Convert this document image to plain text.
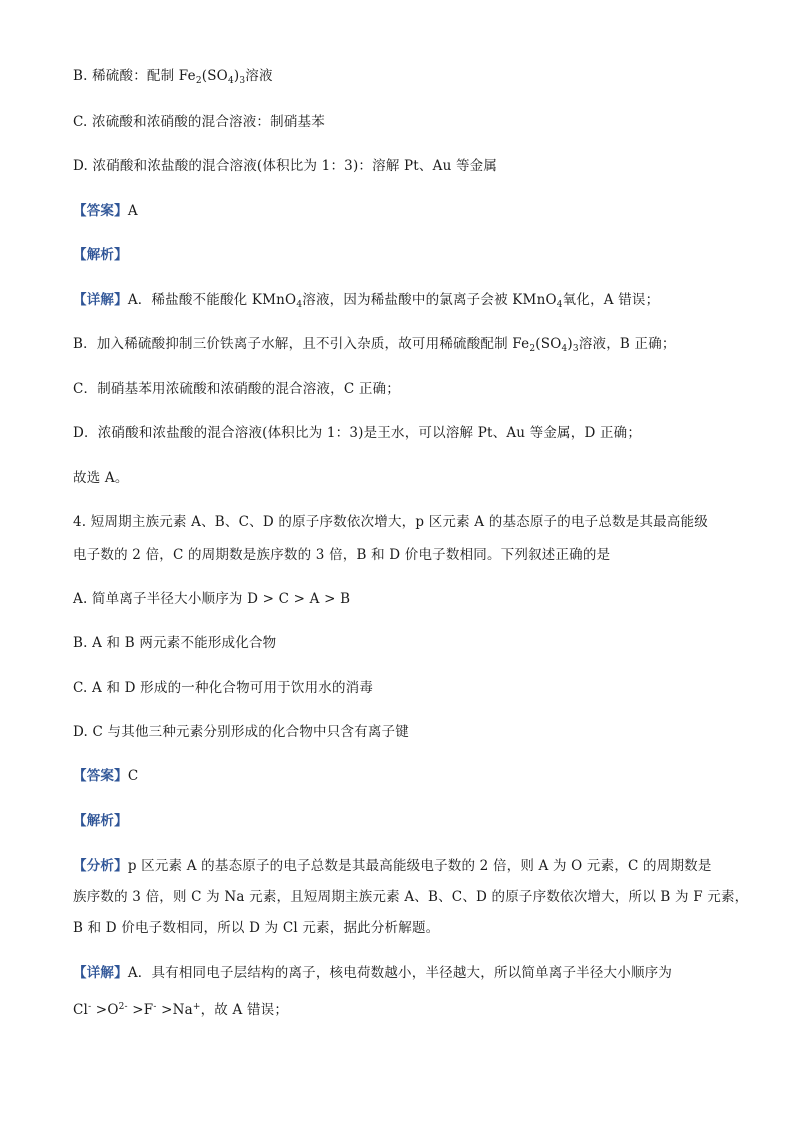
B. 稀硫酸：配制 $Fe_2(SO_4)_3$溶液
C. 浓硫酸和浓硝酸的混合溶液：制硝基苯
D. 浓硝酸和浓盐酸的混合溶液(体积比为 1：3)：溶解 Pt、Au 等金属
【答案】A
【解析】
【详解】A．稀盐酸不能酸化 KMnO$_4$溶液，因为稀盐酸中的氯离子会被 KMnO$_4$氧化，A 错误；
B．加入稀硫酸抑制三价铁离子水解，且不引入杂质，故可用稀硫酸配制 $Fe_2(SO_4)_3$溶液，B 正确；
C．制硝基苯用浓硫酸和浓硝酸的混合溶液，C 正确；
D．浓硝酸和浓盐酸的混合溶液(体积比为 1：3)是王水，可以溶解 Pt、Au 等金属，D 正确；
故选 A。
4. 短周期主族元素 A、B、C、D 的原子序数依次增大，p 区元素 A 的基态原子的电子总数是其最高能级
电子数的 2 倍，C 的周期数是族序数的 3 倍，B 和 D 价电子数相同。下列叙述正确的是
A. 简单离子半径大小顺序为 D > C > A > B
B. A 和 B 两元素不能形成化合物
C. A 和 D 形成的一种化合物可用于饮用水的消毒
D. C 与其他三种元素分别形成的化合物中只含有离子键
【答案】C
【解析】
【分析】p 区元素 A 的基态原子的电子总数是其最高能级电子数的 2 倍，则 A 为 O 元素，C 的周期数是
族序数的 3 倍，则 C 为 Na 元素，且短周期主族元素 A、B、C、D 的原子序数依次增大，所以 B 为 F 元素，
B 和 D 价电子数相同，所以 D 为 Cl 元素，据此分析解题。
【详解】A．具有相同电子层结构的离子，核电荷数越小，半径越大，所以简单离子半径大小顺序为
$Cl^- >O^{2-} >F^- >Na^+$，故 A 错误；
